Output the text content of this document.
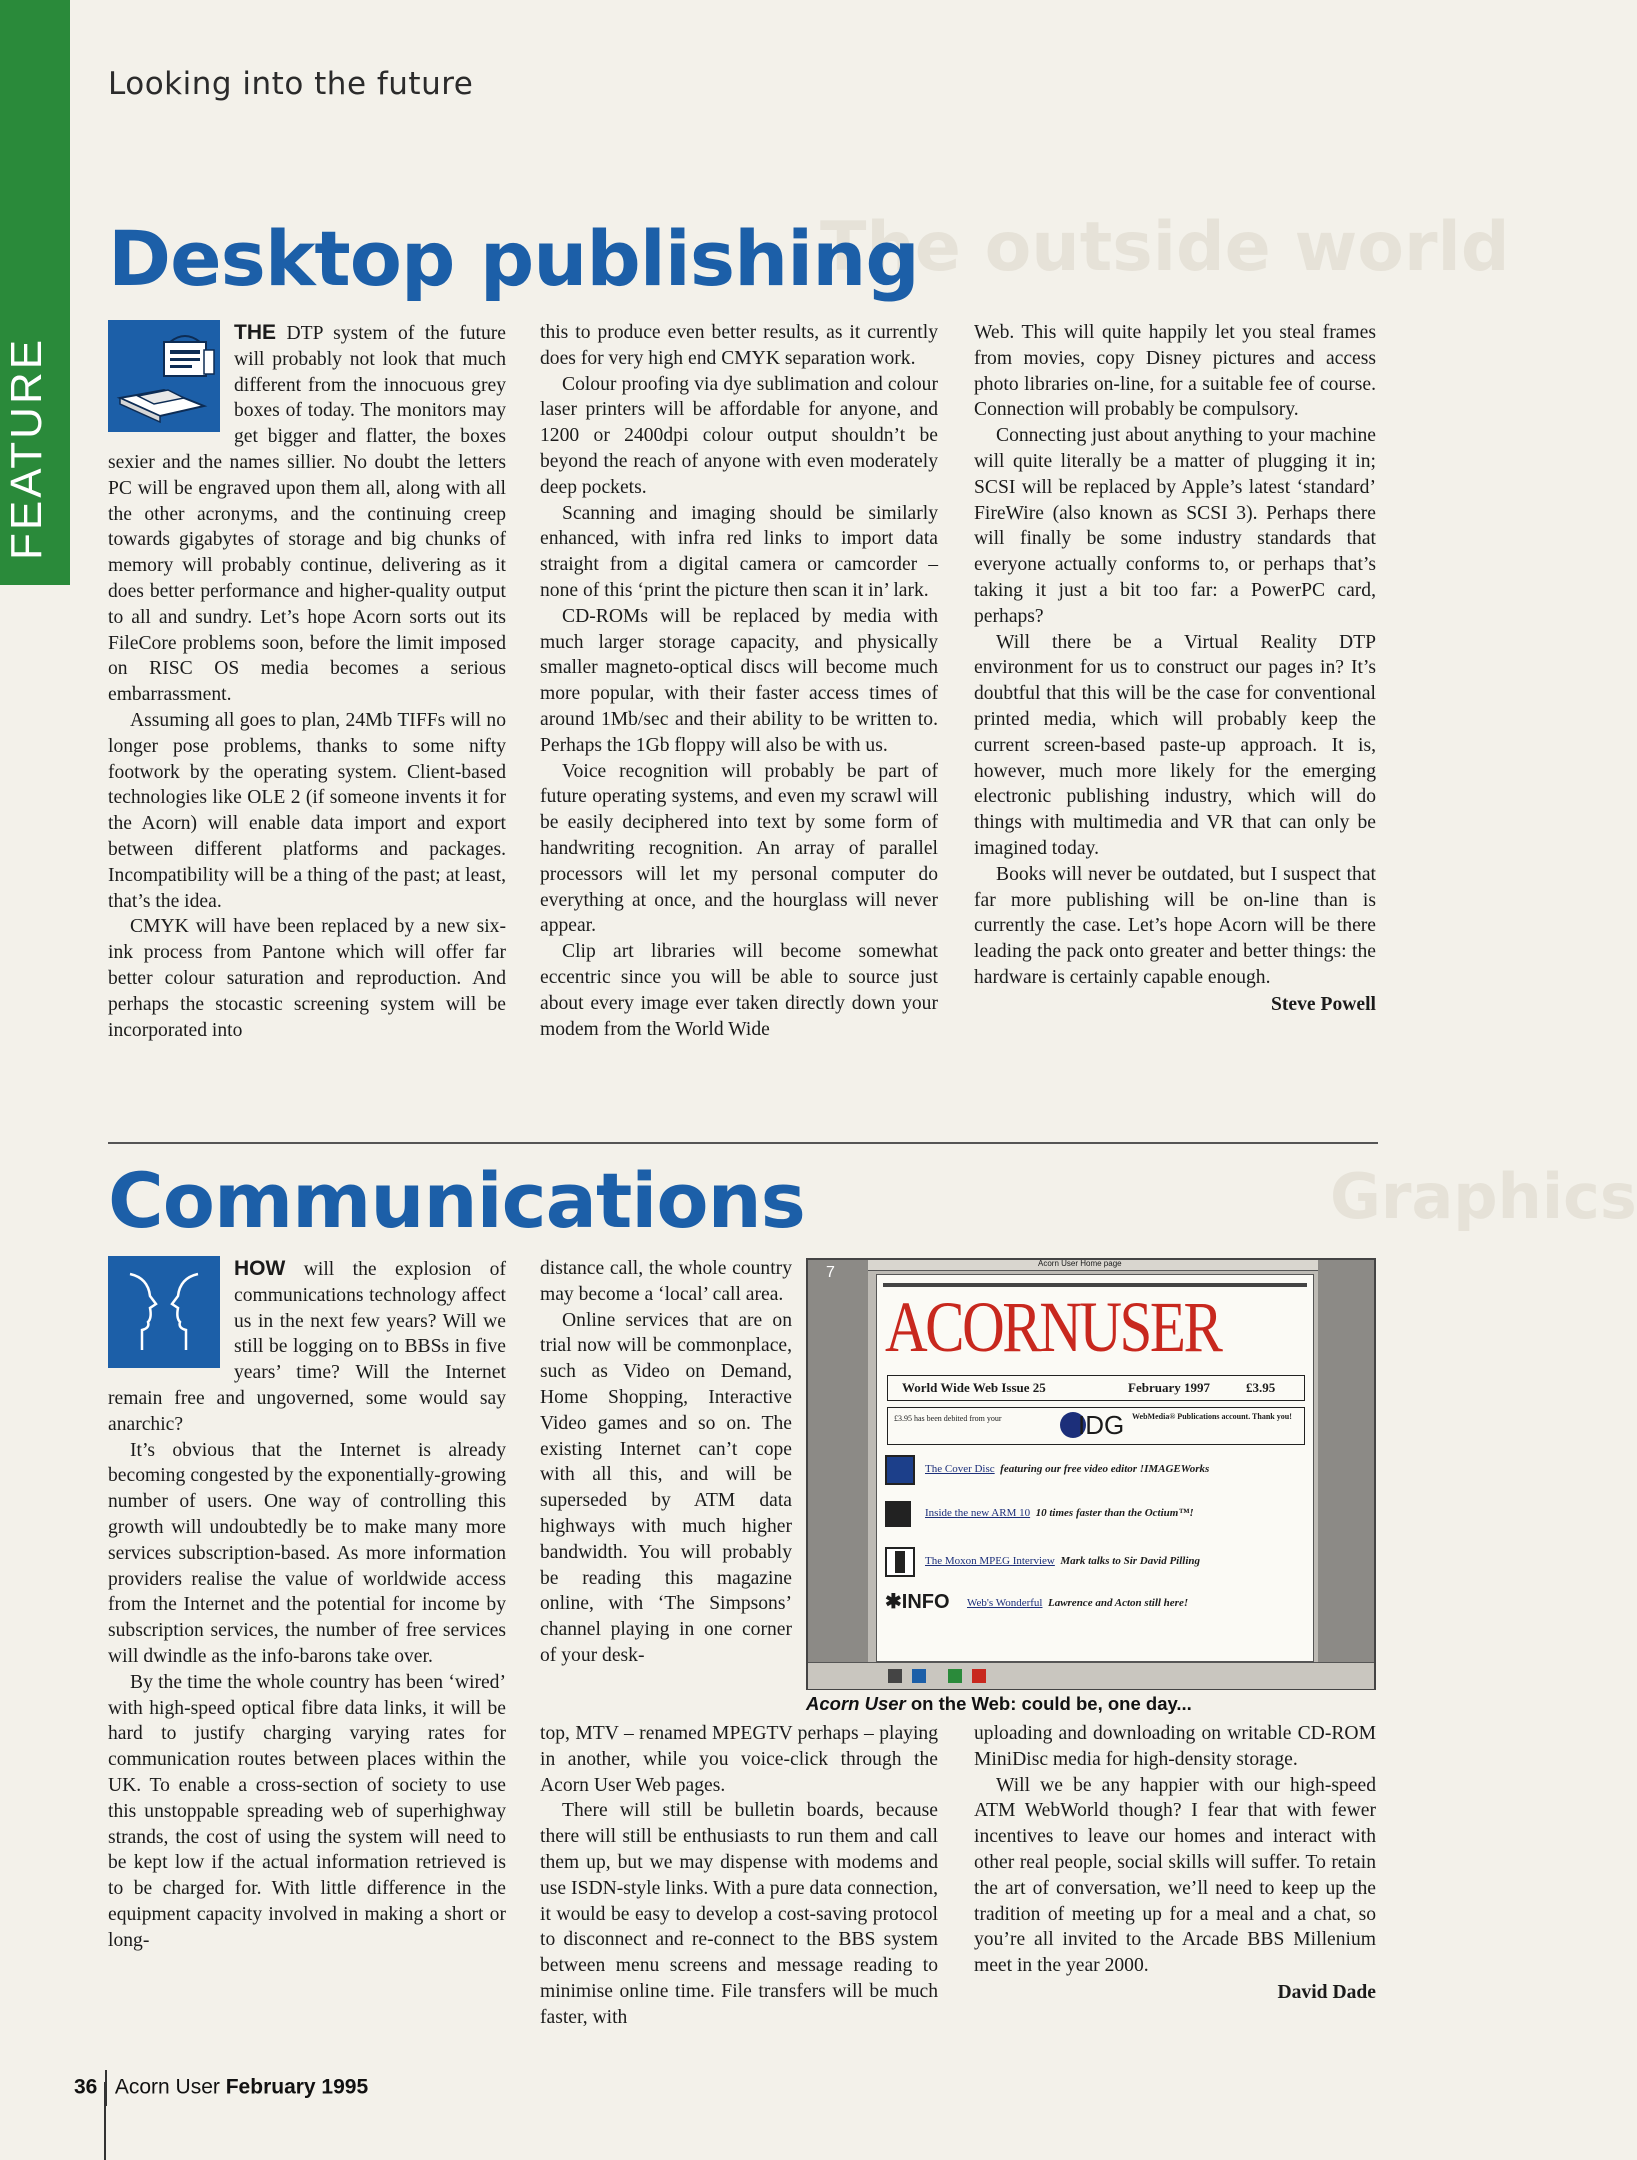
FEATURE
Looking into the future
The outside world
Graphics
Desktop publishing

THE DTP system of the future will probably not look that much different from the innocuous grey boxes of today. The monitors may get bigger and flatter, the boxes sexier and the names sillier. No doubt the letters PC will be engraved upon them all, along with all the other acronyms, and the continuing creep towards gigabytes of storage and big chunks of memory will probably continue, delivering as it does better performance and higher-quality output to all and sundry. Let’s hope Acorn sorts out its FileCore problems soon, before the limit imposed on RISC OS media becomes a serious embarrassment.

Assuming all goes to plan, 24Mb TIFFs will no longer pose problems, thanks to some nifty footwork by the operating system. Client-based technologies like OLE 2 (if someone invents it for the Acorn) will enable data import and export between different platforms and packages. Incompatibility will be a thing of the past; at least, that’s the idea.

CMYK will have been replaced by a new six-ink process from Pantone which will offer far better colour saturation and reproduction. And perhaps the stocastic screening system will be incorporated into

this to produce even better results, as it currently does for very high end CMYK separation work.

Colour proofing via dye sublimation and colour laser printers will be affordable for anyone, and 1200 or 2400dpi colour output shouldn’t be beyond the reach of anyone with even moderately deep pockets.

Scanning and imaging should be similarly enhanced, with infra red links to import data straight from a digital camera or camcorder – none of this ‘print the picture then scan it in’ lark.

CD-ROMs will be replaced by media with much larger storage capacity, and physically smaller magneto-optical discs will become much more popular, with their faster access times of around 1Mb/sec and their ability to be written to. Perhaps the 1Gb floppy will also be with us.

Voice recognition will probably be part of future operating systems, and even my scrawl will be easily deciphered into text by some form of handwriting recognition. An array of parallel processors will let my personal computer do everything at once, and the hourglass will never appear.

Clip art libraries will become somewhat eccentric since you will be able to source just about every image ever taken directly down your modem from the World Wide

Web. This will quite happily let you steal frames from movies, copy Disney pictures and access photo libraries on-line, for a suitable fee of course. Connection will probably be compulsory.

Connecting just about anything to your machine will quite literally be a matter of plugging it in; SCSI will be replaced by Apple’s latest ‘standard’ FireWire (also known as SCSI 3). Perhaps there will finally be some industry standards that everyone actually conforms to, or perhaps that’s taking it just a bit too far: a PowerPC card, perhaps?

Will there be a Virtual Reality DTP environment for us to construct our pages in? It’s doubtful that this will be the case for conventional printed media, which will probably keep the current screen-based paste-up approach. It is, however, much more likely for the emerging electronic publishing industry, which will do things with multimedia and VR that can only be imagined today.

Books will never be outdated, but I suspect that far more publishing will be on-line than is currently the case. Let’s hope Acorn will be there leading the pack onto greater and better things: the hardware is certainly capable enough.

Steve Powell

Communications

HOW will the explosion of communications technology affect us in the next few years? Will we still be logging on to BBSs in five years’ time? Will the Internet remain free and ungoverned, some would say anarchic?

It’s obvious that the Internet is already becoming congested by the exponentially-growing number of users. One way of controlling this growth will undoubtedly be to make many more services subscription-based. As more information providers realise the value of worldwide access from the Internet and the potential for income by subscription services, the number of free services will dwindle as the info-barons take over.

By the time the whole country has been ‘wired’ with high-speed optical fibre data links, it will be hard to justify charging varying rates for communication routes between places within the UK. To enable a cross-section of society to use this unstoppable spreading web of superhighway strands, the cost of using the system will need to be kept low if the actual information retrieved is to be charged for. With little difference in the equipment capacity involved in making a short or long-

distance call, the whole country may become a ‘local’ call area.

Online services that are on trial now will be commonplace, such as Video on Demand, Home Shopping, Interactive Video games and so on. The existing Internet can’t cope with all this, and will be superseded by ATM data highways with much higher bandwidth. You will probably be reading this magazine online, with ‘The Simpsons’ channel playing in one corner of your desk-

top, MTV – renamed MPEGTV perhaps – playing in another, while you voice-click through the Acorn User Web pages.

There will still be bulletin boards, because there will still be enthusiasts to run them and call them up, but we may dispense with modems and use ISDN-style links. With a pure data connection, it would be easy to develop a cost-saving protocol to disconnect and re-connect to the BBS system between menu screens and message reading to minimise online time. File transfers will be much faster, with

uploading and downloading on writable CD-ROM MiniDisc media for high-density storage.

Will we be any happier with our high-speed ATM WebWorld though? I fear that with fewer incentives to leave our homes and interact with other real people, social skills will suffer. To retain the art of conversation, we’ll need to keep up the tradition of meeting up for a meal and a chat, so you’re all invited to the Arcade BBS Millenium meet in the year 2000.

David Dade

7
Acorn User Home page
ACORNUSER
World Wide Web Issue 25	February 1997	£3.95
£3.95 has been debited from your	IDG WebMedia® Publications account. Thank you!
The Cover Disc featuring our free video editor !IMAGEWorks
Inside the new ARM 10 10 times faster than the Octium™!
The Moxon MPEG Interview Mark talks to Sir David Pilling
✱INFO Web's Wonderful Lawrence and Acton still here!
Acorn User on the Web: could be, one day...
36 Acorn User February 1995
